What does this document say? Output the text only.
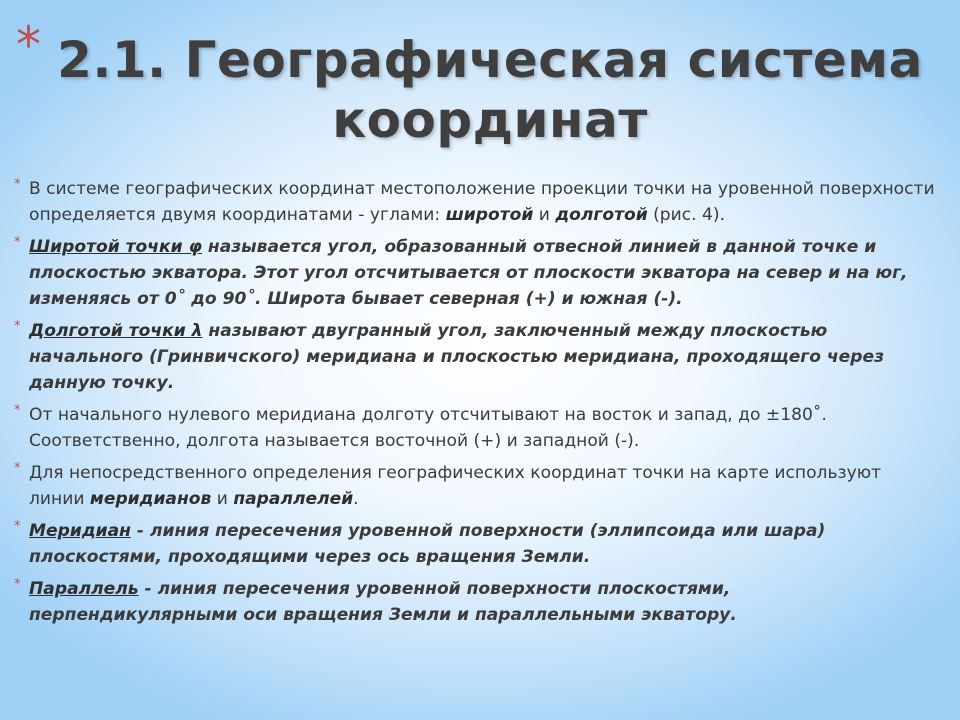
* 2.1. Географическая система
координат
* В системе географических координат местоположение проекции точки на уровенной поверхности определяется двумя координатами - углами: широтой и долготой (рис. 4).
* Широтой точки φ называется угол, образованный отвесной линией в данной точке и плоскостью экватора. Этот угол отсчитывается от плоскости экватора на север и на юг, изменяясь от 0˚ до 90˚. Широта бывает северная (+) и южная (-).
* Долготой точки λ называют двугранный угол, заключенный между плоскостью начального (Гринвичского) меридиана и плоскостью меридиана, проходящего через данную точку.
* От начального нулевого меридиана долготу отсчитывают на восток и запад, до ±180˚. Соответственно, долгота называется восточной (+) и западной (-).
* Для непосредственного определения географических координат точки на карте используют линии меридианов и параллелей.
* Меридиан - линия пересечения уровенной поверхности (эллипсоида или шара) плоскостями, проходящими через ось вращения Земли.
* Параллель - линия пересечения уровенной поверхности плоскостями, перпендикулярными оси вращения Земли и параллельными экватору.
